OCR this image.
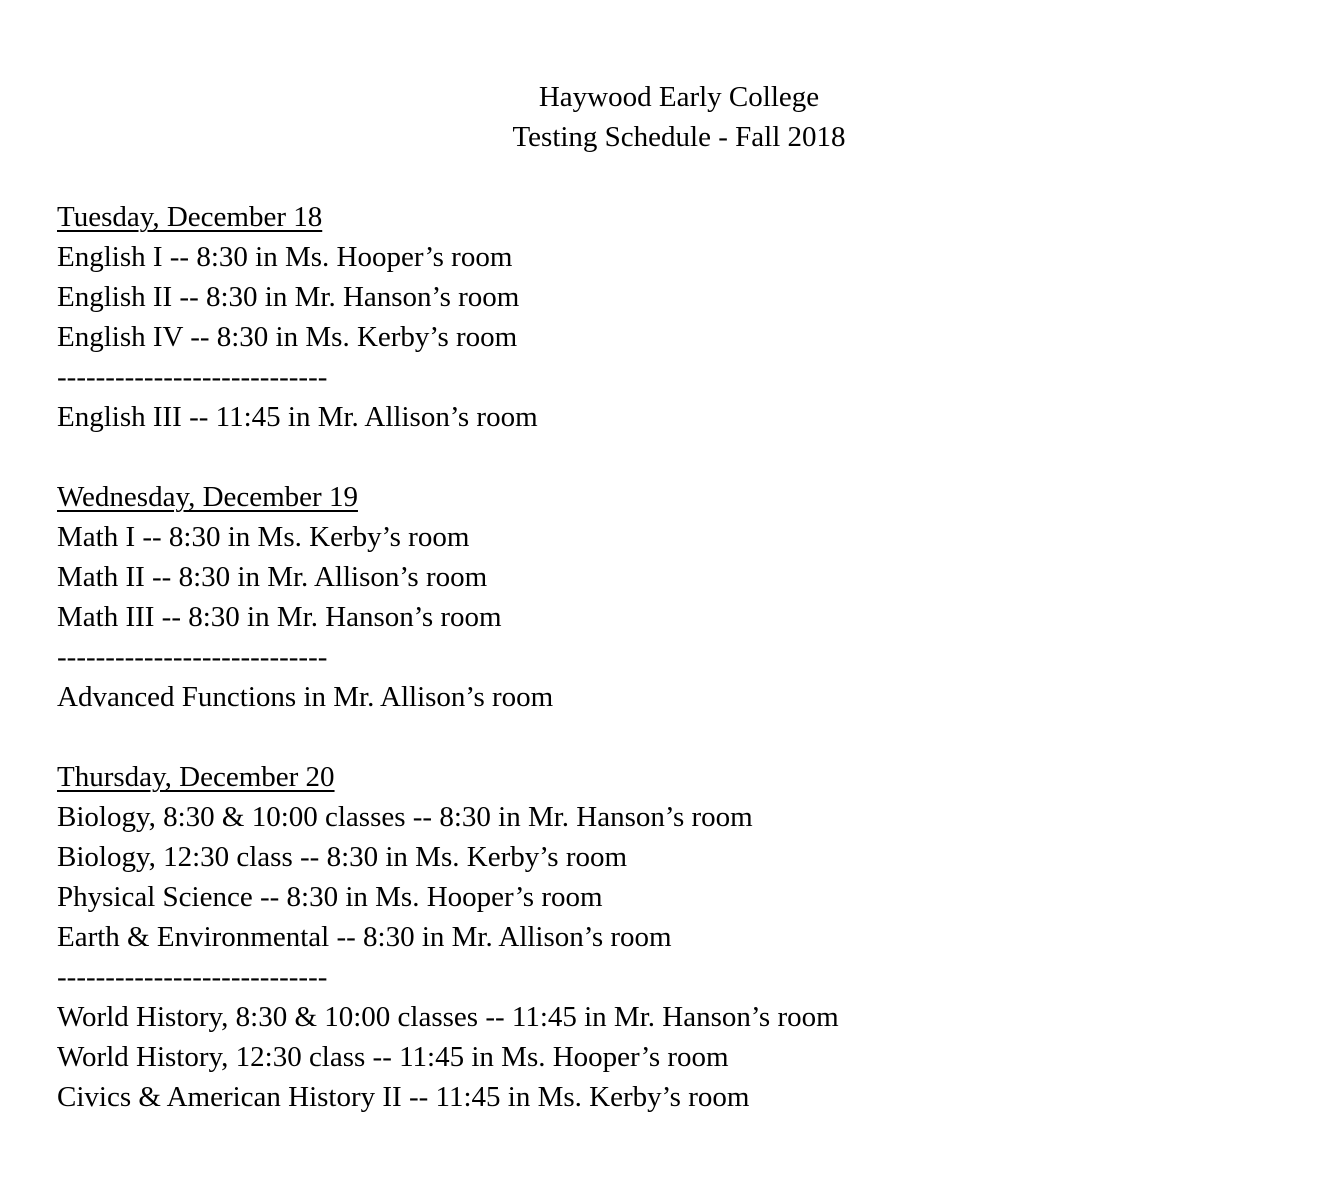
Haywood Early College
Testing Schedule - Fall 2018
Tuesday, December 18
English I -- 8:30 in Ms. Hooper’s room
English II -- 8:30 in Mr. Hanson’s room
English IV -- 8:30 in Ms. Kerby’s room
----------------------------
English III -- 11:45 in Mr. Allison’s room
Wednesday, December 19
Math I -- 8:30 in Ms. Kerby’s room
Math II -- 8:30 in Mr. Allison’s room
Math III -- 8:30 in Mr. Hanson’s room
----------------------------
Advanced Functions in Mr. Allison’s room
Thursday, December 20
Biology, 8:30 & 10:00 classes -- 8:30 in Mr. Hanson’s room
Biology, 12:30 class -- 8:30 in Ms. Kerby’s room
Physical Science -- 8:30 in Ms. Hooper’s room
Earth & Environmental -- 8:30 in Mr. Allison’s room
----------------------------
World History, 8:30 & 10:00 classes -- 11:45 in Mr. Hanson’s room
World History, 12:30 class -- 11:45 in Ms. Hooper’s room
Civics & American History II -- 11:45 in Ms. Kerby’s room
